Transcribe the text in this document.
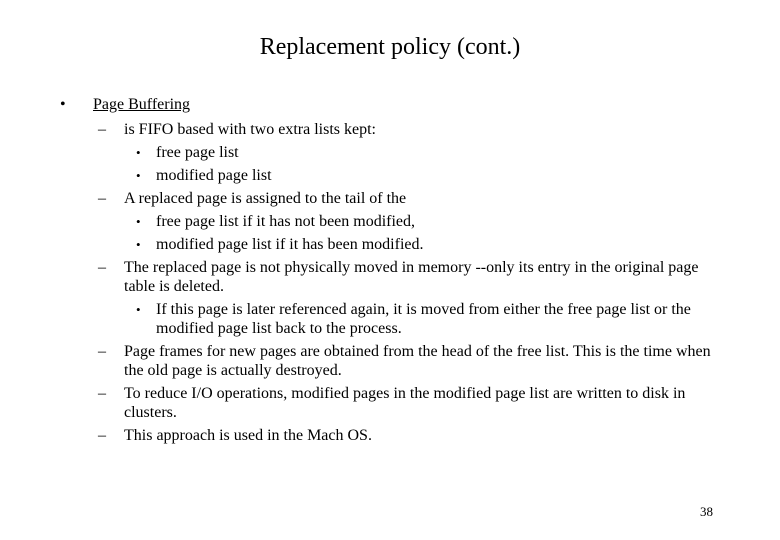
Replacement policy (cont.)
• Page Buffering
– is FIFO based with two extra lists kept:
• free page list
• modified page list
– A replaced page is assigned to the tail of the
• free page list if it has not been modified,
• modified page list if it has been modified.
– The replaced page is not physically moved in memory --only its entry in the original page table is deleted.
• If this page is later referenced again, it is moved from either the free page list or the modified page list back to the process.
– Page frames for new pages are obtained from the head of the free list. This is the time when the old page is actually destroyed.
– To reduce I/O operations, modified pages in the modified page list are written to disk in clusters.
– This approach is used in the Mach OS.
38
